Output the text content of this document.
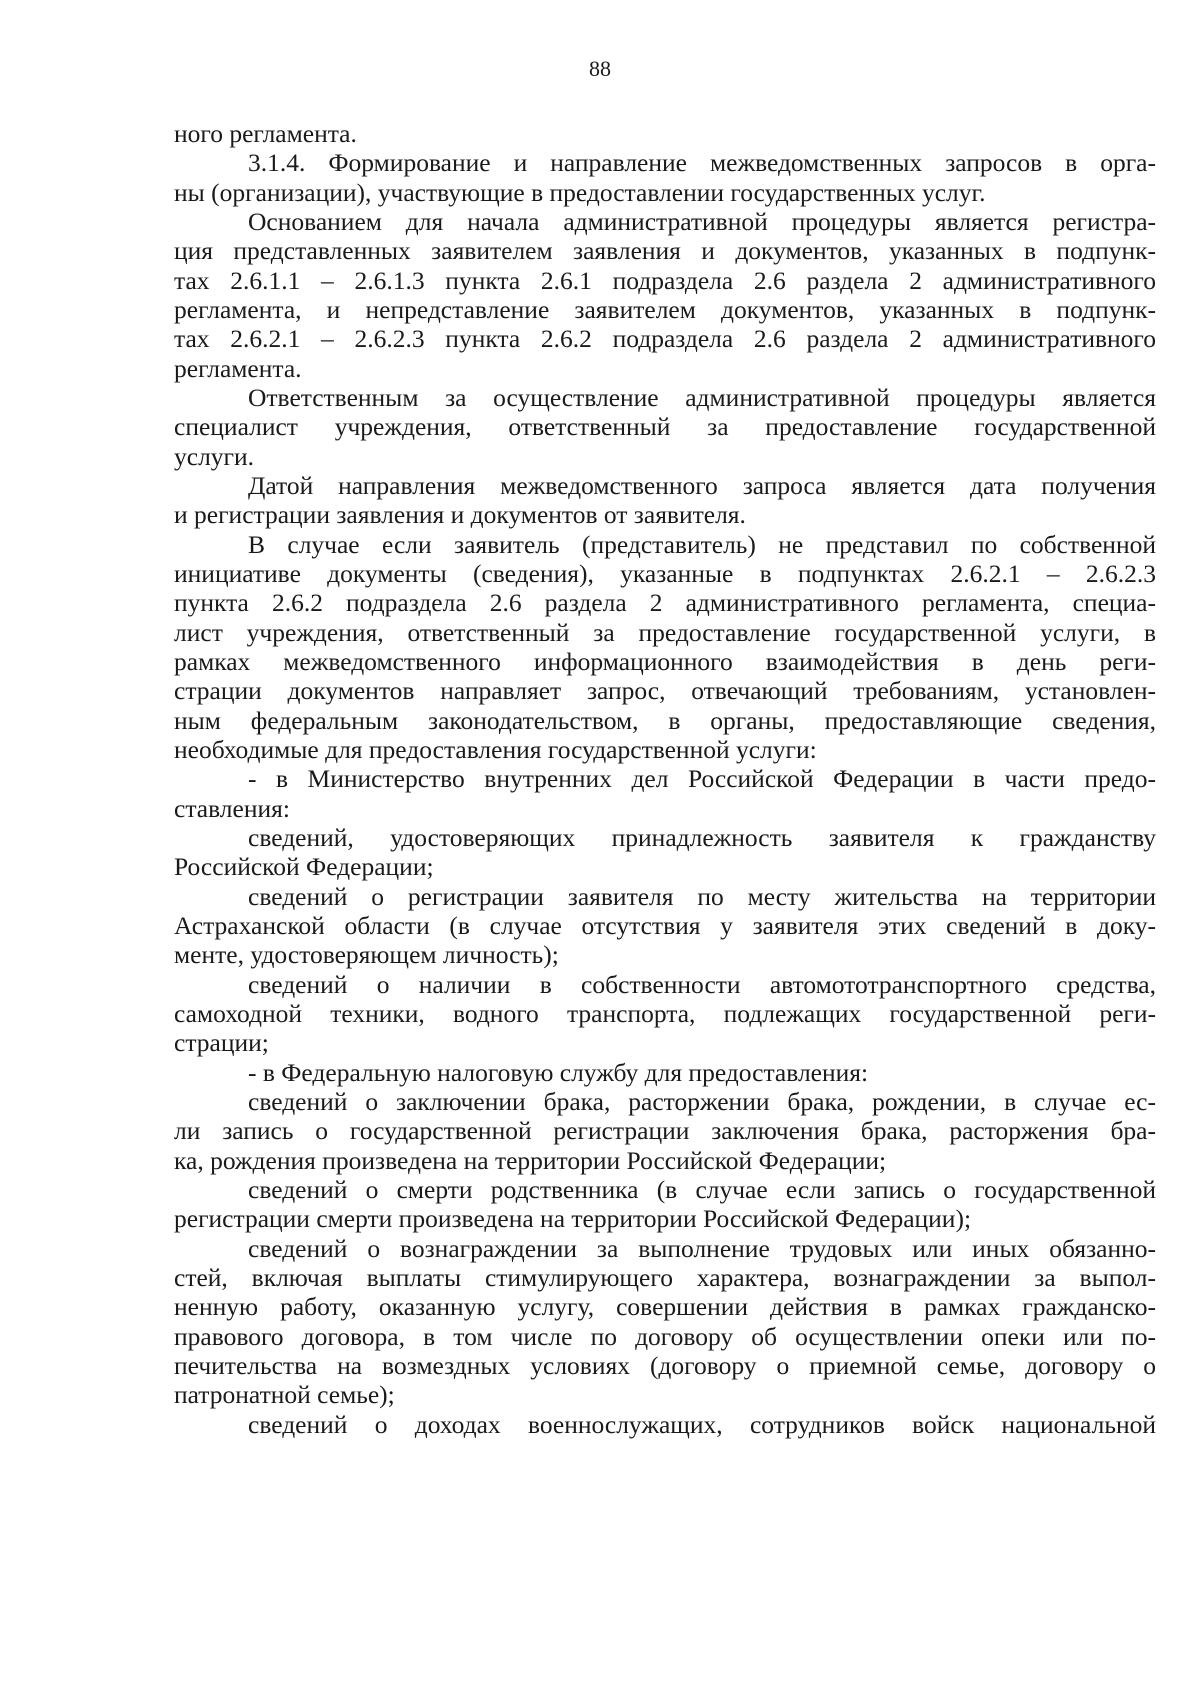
88
ного регламента.
3.1.4. Формирование и направление межведомственных запросов в орга-
ны (организации), участвующие в предоставлении государственных услуг.
Основанием для начала административной процедуры является регистра-
ция представленных заявителем заявления и документов, указанных в подпунк-
тах 2.6.1.1 – 2.6.1.3 пункта 2.6.1 подраздела 2.6 раздела 2 административного
регламента, и непредставление заявителем документов, указанных в подпунк-
тах 2.6.2.1 – 2.6.2.3 пункта 2.6.2 подраздела 2.6 раздела 2 административного
регламента.
Ответственным за осуществление административной процедуры является
специалист учреждения, ответственный за предоставление государственной
услуги.
Датой направления межведомственного запроса является дата получения
и регистрации заявления и документов от заявителя.
В случае если заявитель (представитель) не представил по собственной
инициативе документы (сведения), указанные в подпунктах 2.6.2.1 – 2.6.2.3
пункта 2.6.2 подраздела 2.6 раздела 2 административного регламента, специа-
лист учреждения, ответственный за предоставление государственной услуги, в
рамках межведомственного информационного взаимодействия в день реги-
страции документов направляет запрос, отвечающий требованиям, установлен-
ным федеральным законодательством, в органы, предоставляющие сведения,
необходимые для предоставления государственной услуги:
- в Министерство внутренних дел Российской Федерации в части предо-
ставления:
сведений, удостоверяющих принадлежность заявителя к гражданству
Российской Федерации;
сведений о регистрации заявителя по месту жительства на территории
Астраханской области (в случае отсутствия у заявителя этих сведений в доку-
менте, удостоверяющем личность);
сведений о наличии в собственности автомототранспортного средства,
самоходной техники, водного транспорта, подлежащих государственной реги-
страции;
- в Федеральную налоговую службу для предоставления:
сведений о заключении брака, расторжении брака, рождении, в случае ес-
ли запись о государственной регистрации заключения брака, расторжения бра-
ка, рождения произведена на территории Российской Федерации;
сведений о смерти родственника (в случае если запись о государственной
регистрации смерти произведена на территории Российской Федерации);
сведений о вознаграждении за выполнение трудовых или иных обязанно-
стей, включая выплаты стимулирующего характера, вознаграждении за выпол-
ненную работу, оказанную услугу, совершении действия в рамках гражданско-
правового договора, в том числе по договору об осуществлении опеки или по-
печительства на возмездных условиях (договору о приемной семье, договору о
патронатной семье);
сведений о доходах военнослужащих, сотрудников войск национальной
